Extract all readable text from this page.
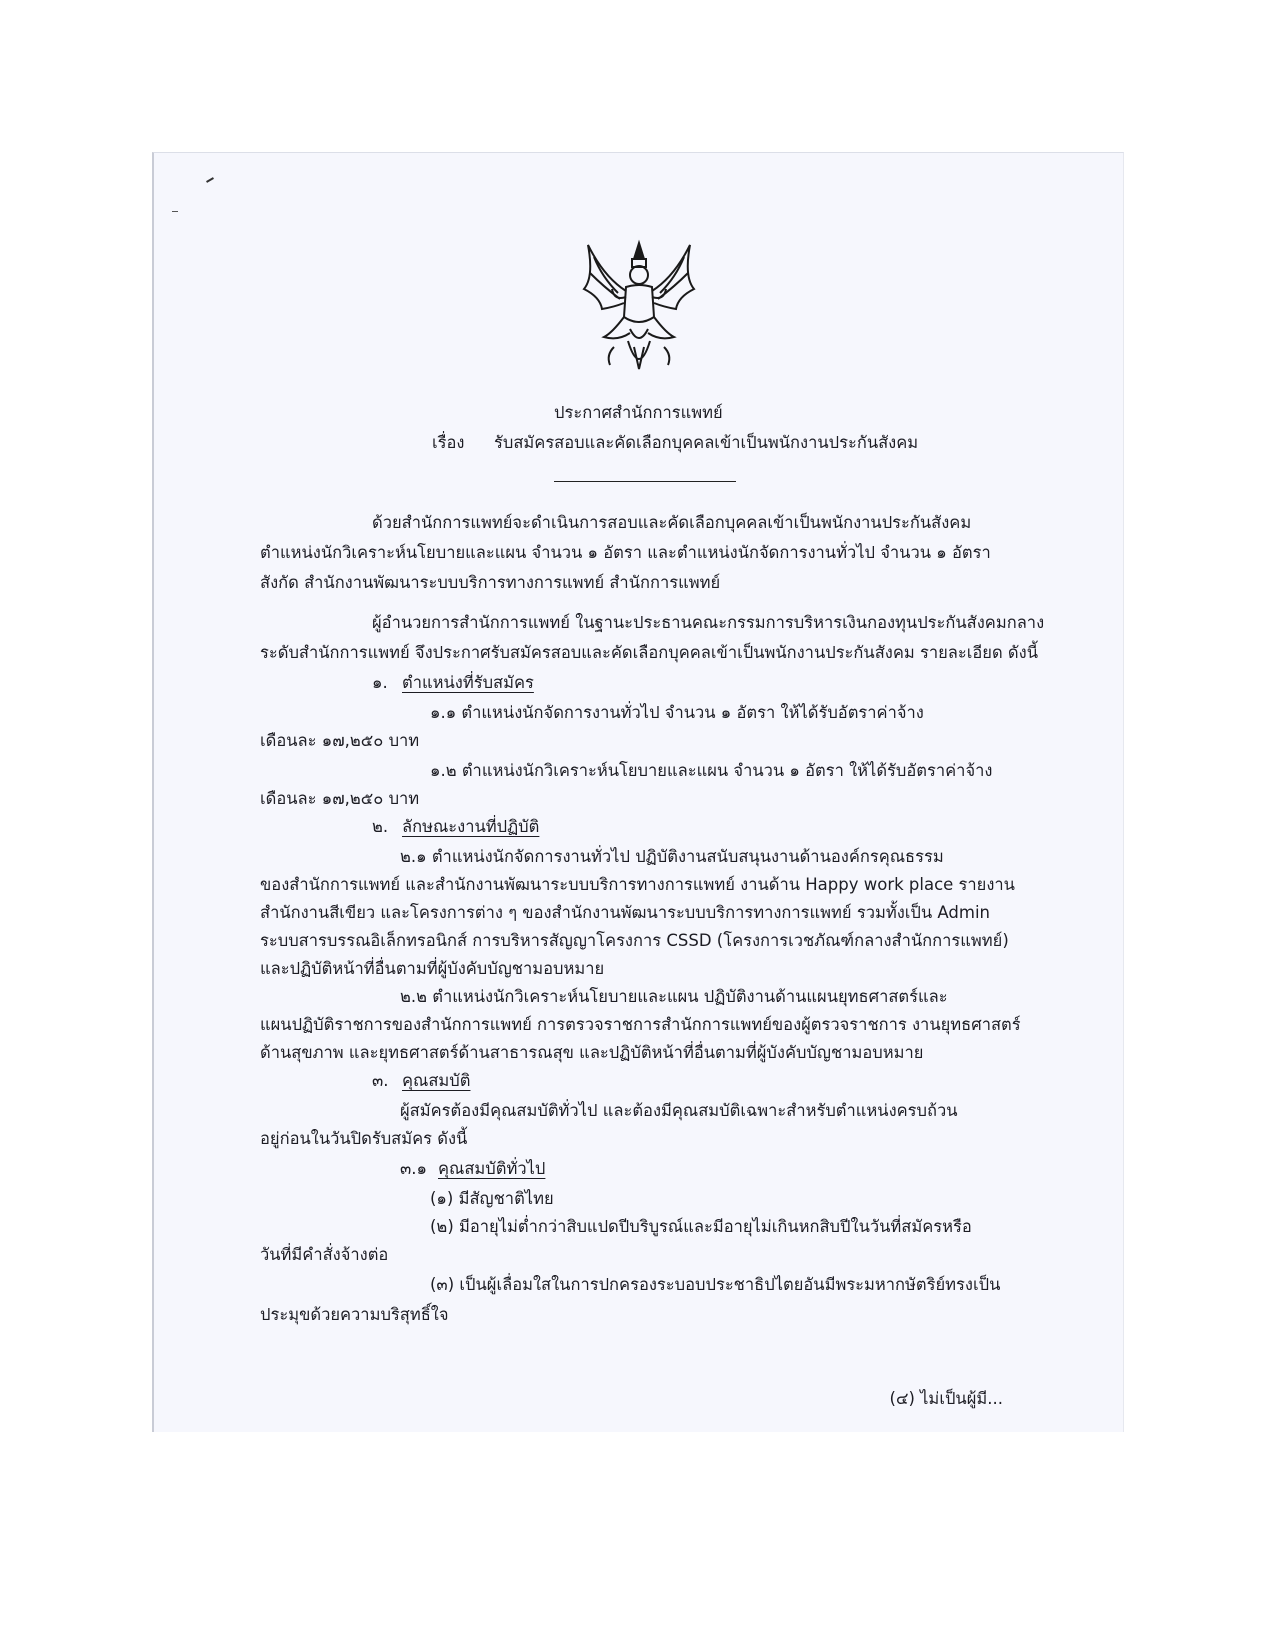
ประกาศสำนักการแพทย์
เรื่อง รับสมัครสอบและคัดเลือกบุคคลเข้าเป็นพนักงานประกันสังคม
ด้วยสำนักการแพทย์จะดำเนินการสอบและคัดเลือกบุคคลเข้าเป็นพนักงานประกันสังคม
ตำแหน่งนักวิเคราะห์นโยบายและแผน จำนวน ๑ อัตรา และตำแหน่งนักจัดการงานทั่วไป จำนวน ๑ อัตรา
สังกัด สำนักงานพัฒนาระบบบริการทางการแพทย์ สำนักการแพทย์
ผู้อำนวยการสำนักการแพทย์ ในฐานะประธานคณะกรรมการบริหารเงินกองทุนประกันสังคมกลาง
ระดับสำนักการแพทย์ จึงประกาศรับสมัครสอบและคัดเลือกบุคคลเข้าเป็นพนักงานประกันสังคม รายละเอียด ดังนี้
๑. ตำแหน่งที่รับสมัคร
๑.๑ ตำแหน่งนักจัดการงานทั่วไป จำนวน ๑ อัตรา ให้ได้รับอัตราค่าจ้าง
เดือนละ ๑๗,๒๕๐ บาท
๑.๒ ตำแหน่งนักวิเคราะห์นโยบายและแผน จำนวน ๑ อัตรา ให้ได้รับอัตราค่าจ้าง
เดือนละ ๑๗,๒๕๐ บาท
๒. ลักษณะงานที่ปฏิบัติ
๒.๑ ตำแหน่งนักจัดการงานทั่วไป ปฏิบัติงานสนับสนุนงานด้านองค์กรคุณธรรม
ของสำนักการแพทย์ และสำนักงานพัฒนาระบบบริการทางการแพทย์ งานด้าน Happy work place รายงาน
สำนักงานสีเขียว และโครงการต่าง ๆ ของสำนักงานพัฒนาระบบบริการทางการแพทย์ รวมทั้งเป็น Admin
ระบบสารบรรณอิเล็กทรอนิกส์ การบริหารสัญญาโครงการ CSSD (โครงการเวชภัณฑ์กลางสำนักการแพทย์)
และปฏิบัติหน้าที่อื่นตามที่ผู้บังคับบัญชามอบหมาย
๒.๒ ตำแหน่งนักวิเคราะห์นโยบายและแผน ปฏิบัติงานด้านแผนยุทธศาสตร์และ
แผนปฏิบัติราชการของสำนักการแพทย์ การตรวจราชการสำนักการแพทย์ของผู้ตรวจราชการ งานยุทธศาสตร์
ด้านสุขภาพ และยุทธศาสตร์ด้านสาธารณสุข และปฏิบัติหน้าที่อื่นตามที่ผู้บังคับบัญชามอบหมาย
๓. คุณสมบัติ
ผู้สมัครต้องมีคุณสมบัติทั่วไป และต้องมีคุณสมบัติเฉพาะสำหรับตำแหน่งครบถ้วน
อยู่ก่อนในวันปิดรับสมัคร ดังนี้
๓.๑ คุณสมบัติทั่วไป
(๑) มีสัญชาติไทย
(๒) มีอายุไม่ต่ำกว่าสิบแปดปีบริบูรณ์และมีอายุไม่เกินหกสิบปีในวันที่สมัครหรือ
วันที่มีคำสั่งจ้างต่อ
(๓) เป็นผู้เลื่อมใสในการปกครองระบอบประชาธิปไตยอันมีพระมหากษัตริย์ทรงเป็น
ประมุขด้วยความบริสุทธิ์ใจ
(๔) ไม่เป็นผู้มี...
